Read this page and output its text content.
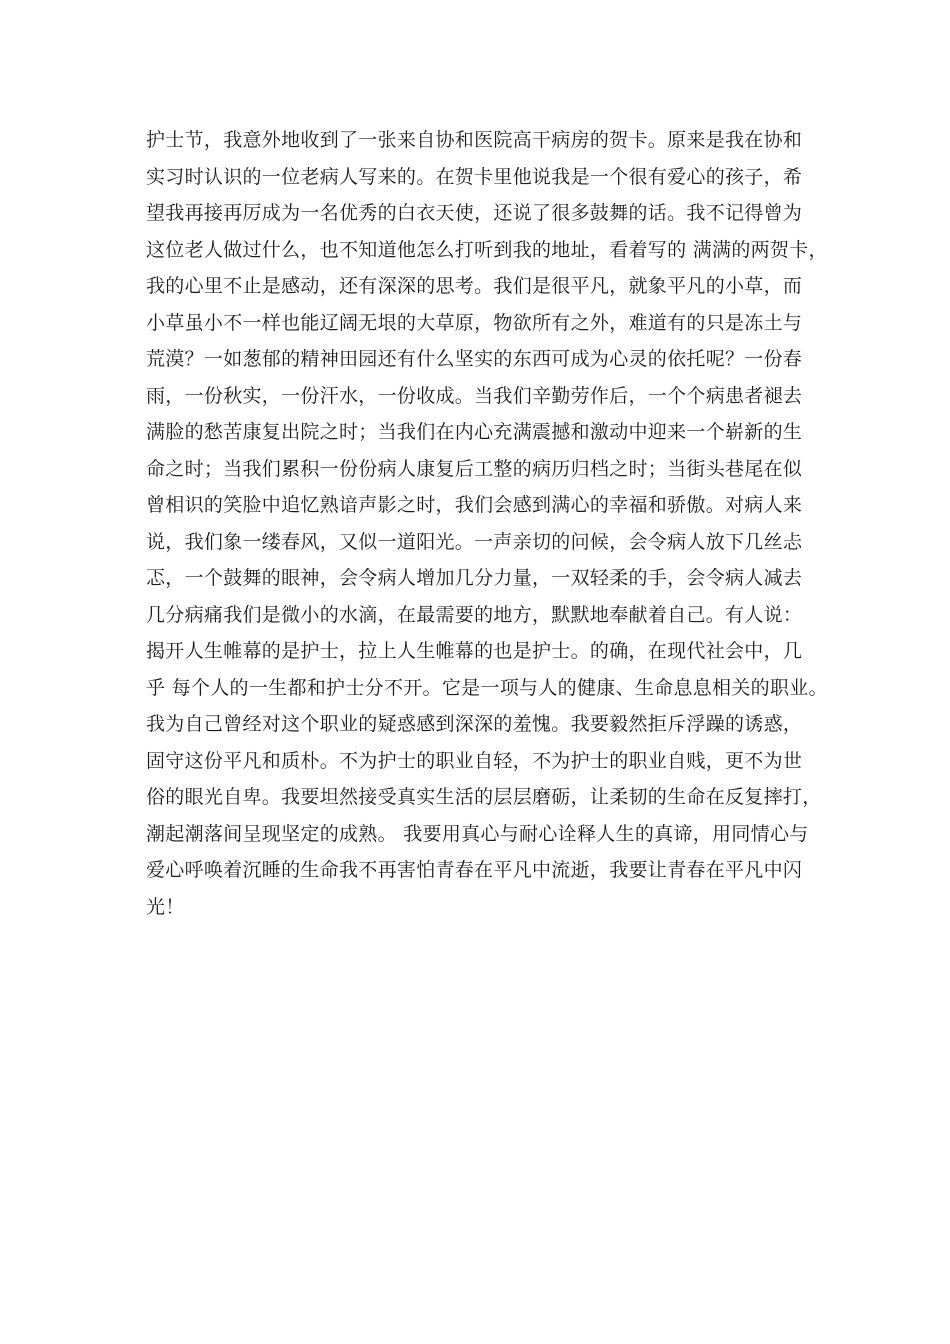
护士节，我意外地收到了一张来自协和医院高干病房的贺卡。原来是我在协和
实习时认识的一位老病人写来的。在贺卡里他说我是一个很有爱心的孩子，希
望我再接再厉成为一名优秀的白衣天使，还说了很多鼓舞的话。我不记得曾为
这位老人做过什么，也不知道他怎么打听到我的地址，看着写的 满满的两贺卡，
我的心里不止是感动，还有深深的思考。我们是很平凡，就象平凡的小草，而
小草虽小不一样也能辽阔无垠的大草原，物欲所有之外，难道有的只是冻土与
荒漠？一如葱郁的精神田园还有什么坚实的东西可成为心灵的依托呢？一份春
雨，一份秋实，一份汗水，一份收成。当我们辛勤劳作后，一个个病患者褪去
满脸的愁苦康复出院之时；当我们在内心充满震撼和激动中迎来一个崭新的生
命之时；当我们累积一份份病人康复后工整的病历归档之时；当街头巷尾在似
曾相识的笑脸中追忆熟谙声影之时，我们会感到满心的幸福和骄傲。对病人来
说，我们象一缕春风，又似一道阳光。一声亲切的问候，会令病人放下几丝忐
忑，一个鼓舞的眼神，会令病人增加几分力量，一双轻柔的手，会令病人减去
几分病痛我们是微小的水滴，在最需要的地方，默默地奉献着自己。有人说：
揭开人生帷幕的是护士，拉上人生帷幕的也是护士。的确，在现代社会中，几
乎 每个人的一生都和护士分不开。它是一项与人的健康、生命息息相关的职业。
我为自己曾经对这个职业的疑惑感到深深的羞愧。我要毅然拒斥浮躁的诱惑，
固守这份平凡和质朴。不为护士的职业自轻，不为护士的职业自贱，更不为世
俗的眼光自卑。我要坦然接受真实生活的层层磨砺，让柔韧的生命在反复摔打，
潮起潮落间呈现坚定的成熟。 我要用真心与耐心诠释人生的真谛，用同情心与
爱心呼唤着沉睡的生命我不再害怕青春在平凡中流逝，我要让青春在平凡中闪
光！
